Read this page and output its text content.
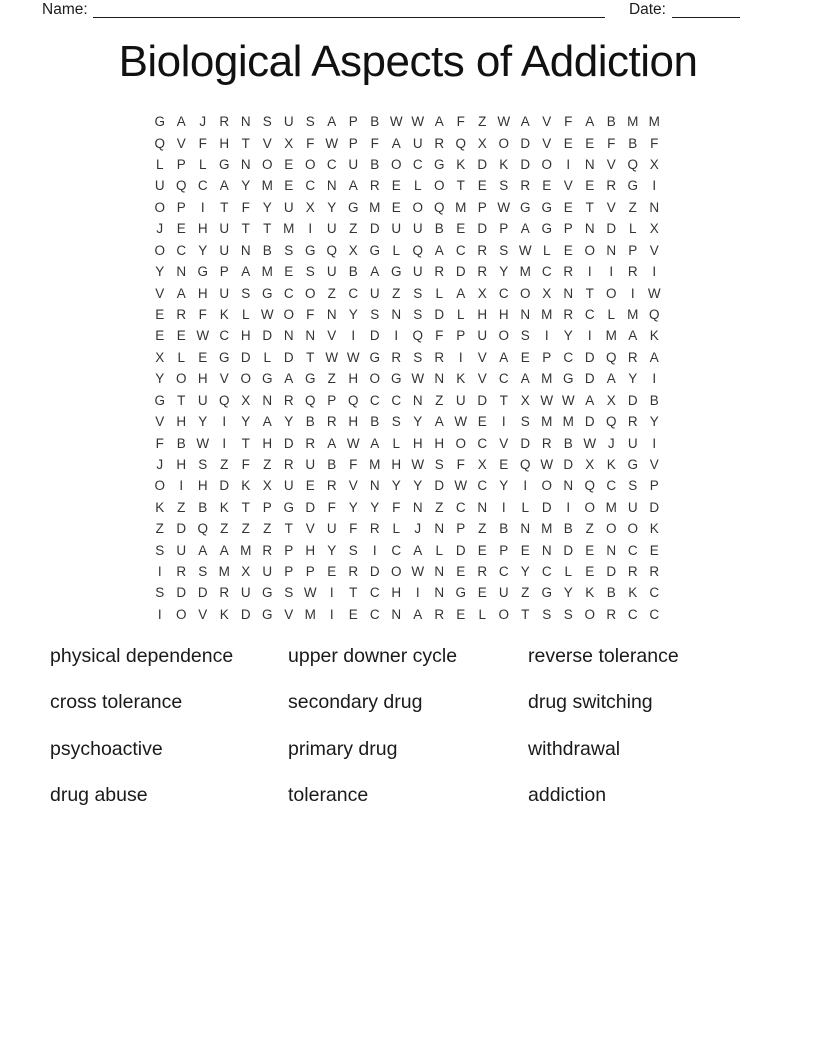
Name:	Date:
Biological Aspects of Addiction
G A	J R N S U S A P B W W A F Z W A V F A B M M
Q V F H T V X F W P F A U R Q X O D V E E F B F
L P L G N O E O C U B O C G K D K D O	I	N V Q X
U Q C A Y M E C N A R E L O T E S R E V E R G	I
O P	I	T F Y U X Y G M E O Q M P W G G E T V Z N
J	E H U T T M	I	U Z D U U B E D P A G P N D L X
O C Y U N B S G Q X G L Q A C R S W L E O N P V
Y N G P A M E S U B A G U R D R Y M C R	I	I	R	I
V A H U S G C O Z C U Z S L A X C O X N T O	I W
E R F K L W O F N Y S N S D L H H N M R C L M Q
E E W C H D N N V	I	D	I	Q F P U O S	I	Y	I	M A K
X L E G D L D T W W G R S R	I	V A E P C D Q R A
Y O H V O G A G Z H O G W N K V C A M G D A Y	I
G T U Q X N R Q P Q C C N Z U D T X W W A X D B
V H Y	I	Y A Y B R H B S Y A W E	I	S M M D Q R Y
F B W I	T H D R A W A L H H O C V D R B W J U	I
J H S Z F Z R U B F M H W S F X E Q W D X K G V
O	I	H D K X U E R V N Y Y D W C Y	I	O N Q C S P
K Z B K T P G D F Y Y F N Z C N	I	L D	I	O M U D
Z D Q Z Z Z T V U F R L	J N P Z B N M B Z O O K
S U A A M R P H Y S	I	C A L D E P E N D E N C E
I	R S M X U P P E R D O W N E R C Y C L E D R R
S D D R U G S W I	T C H	I	N G E U Z G Y K B K C
I	O V K D G V M	I	E C N A R E L O T S S O R C C
physical dependence	upper downer cycle	reverse tolerance
cross tolerance	secondary drug	drug switching
psychoactive	primary drug	withdrawal
drug abuse	tolerance	addiction
